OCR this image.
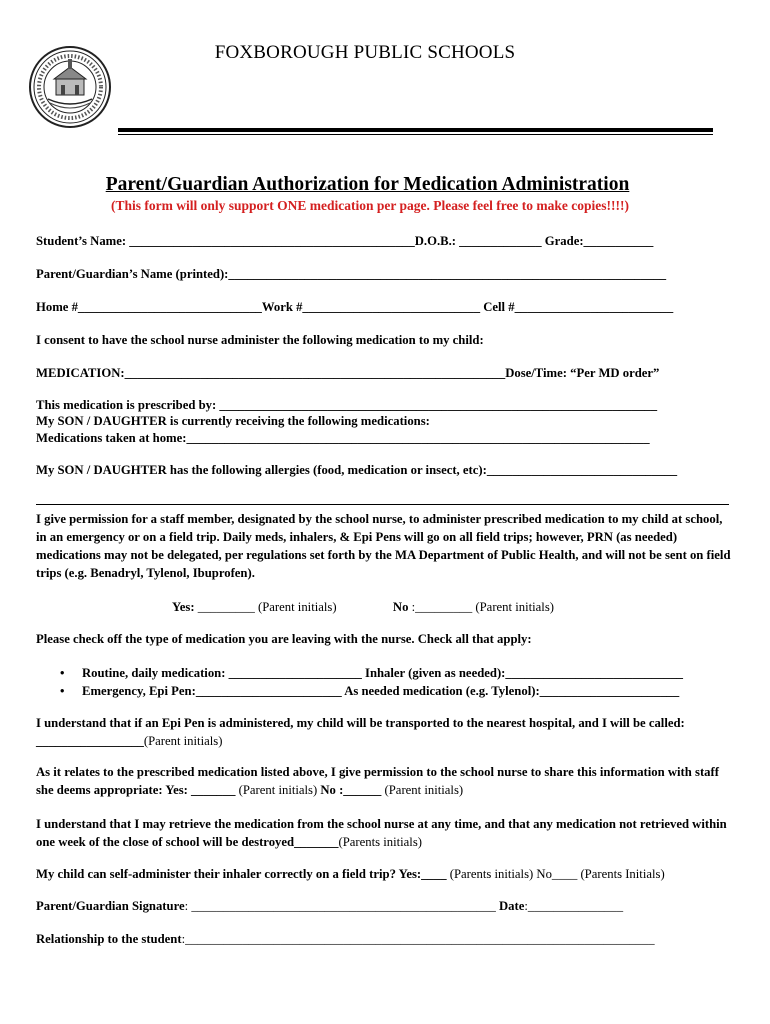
FOXBOROUGH PUBLIC SCHOOLS
Parent/Guardian Authorization for Medication Administration
(This form will only support ONE medication per page. Please feel free to make copies!!!!)
Student’s Name: _____________________________________________D.O.B.: _____________ Grade:___________
Parent/Guardian’s Name (printed):_____________________________________________________________________
Home #_____________________________Work #____________________________ Cell #_________________________
I consent to have the school nurse administer the following medication to my child:
MEDICATION:____________________________________________________________Dose/Time: “Per MD order”
This medication is prescribed by: _____________________________________________________________________
My SON / DAUGHTER is currently receiving the following medications:
Medications taken at home:_________________________________________________________________________
My SON / DAUGHTER has the following allergies (food, medication or insect, etc):______________________________
I give permission for a staff member, designated by the school nurse, to administer prescribed medication to my child at school, in an emergency or on a field trip. Daily meds, inhalers, & Epi Pens will go on all field trips; however, PRN (as needed) medications may not be delegated, per regulations set forth by the MA Department of Public Health, and will not be sent on field trips (e.g. Benadryl, Tylenol, Ibuprofen).
Yes: _________ (Parent initials)	No :_________ (Parent initials)
Please check off the type of medication you are leaving with the nurse. Check all that apply:
• Routine, daily medication: _____________________ Inhaler (given as needed):____________________________
• Emergency, Epi Pen:_______________________ As needed medication (e.g. Tylenol):______________________
I understand that if an Epi Pen is administered, my child will be transported to the nearest hospital, and I will be called: _________________(Parent initials)
As it relates to the prescribed medication listed above, I give permission to the school nurse to share this information with staff she deems appropriate: Yes: _______ (Parent initials) No :______ (Parent initials)
I understand that I may retrieve the medication from the school nurse at any time, and that any medication not retrieved within one week of the close of school will be destroyed_______(Parents initials)
My child can self-administer their inhaler correctly on a field trip? Yes:____ (Parents initials) No____ (Parents Initials)
Parent/Guardian Signature: ________________________________________________ Date:_______________
Relationship to the student:__________________________________________________________________________
